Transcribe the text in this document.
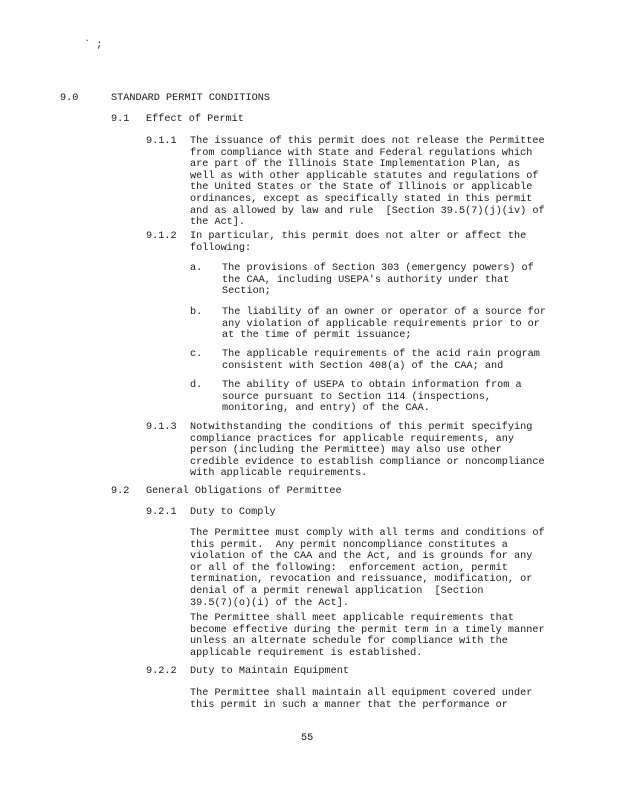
` ;
9.0	STANDARD PERMIT CONDITIONS
9.1 Effect of Permit
9.1.1 The issuance of this permit does not release the Permittee
from compliance with State and Federal regulations which
are part of the Illinois State Implementation Plan, as
well as with other applicable statutes and regulations of
the United States or the State of Illinois or applicable
ordinances, except as specifically stated in this permit
and as allowed by law and rule  [Section 39.5(7)(j)(iv) of
the Act].
9.1.2 In particular, this permit does not alter or affect the
following:
a. The provisions of Section 303 (emergency powers) of
the CAA, including USEPA's authority under that
Section;
b. The liability of an owner or operator of a source for
any violation of applicable requirements prior to or
at the time of permit issuance;
c. The applicable requirements of the acid rain program
consistent with Section 408(a) of the CAA; and
d. The ability of USEPA to obtain information from a
source pursuant to Section 114 (inspections,
monitoring, and entry) of the CAA.
9.1.3 Notwithstanding the conditions of this permit specifying
compliance practices for applicable requirements, any
person (including the Permittee) may also use other
credible evidence to establish compliance or noncompliance
with applicable requirements.
9.2 General Obligations of Permittee
9.2.1 Duty to Comply
The Permittee must comply with all terms and conditions of
this permit.  Any permit noncompliance constitutes a
violation of the CAA and the Act, and is grounds for any
or all of the following:  enforcement action, permit
termination, revocation and reissuance, modification, or
denial of a permit renewal application  [Section
39.5(7)(o)(i) of the Act].
The Permittee shall meet applicable requirements that
become effective during the permit term in a timely manner
unless an alternate schedule for compliance with the
applicable requirement is established.
9.2.2 Duty to Maintain Equipment
The Permittee shall maintain all equipment covered under
this permit in such a manner that the performance or
55
